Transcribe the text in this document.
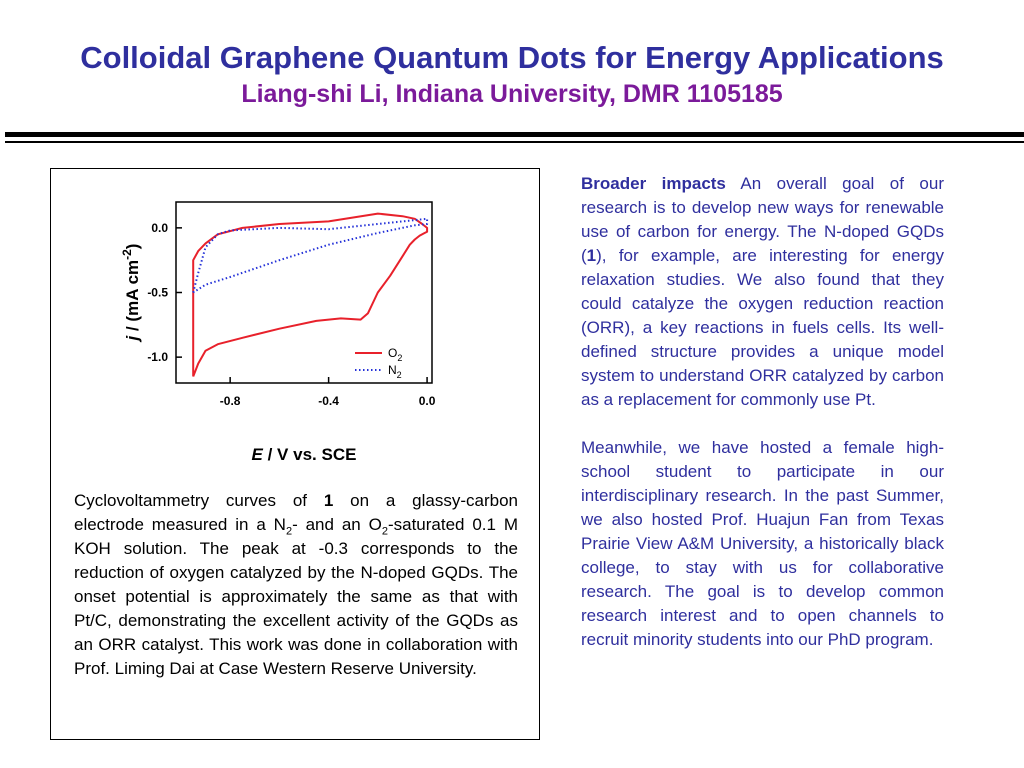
Colloidal Graphene Quantum Dots for Energy Applications
Liang-shi Li, Indiana University, DMR 1105185
-0.8	-0.4	0.0
0.0
-0.5
-1.0	$O_2$
$N_2$
E / V vs. SCE
j / (mA $cm^{-2}$)
Cyclovoltammetry curves of 1 on a glassy-carbon electrode measured in a $N_2-$ and an $O_2$-saturated 0.1 M KOH solution. The peak at -0.3 corresponds to the reduction of oxygen catalyzed by the N-doped GQDs. The onset potential is approximately the same as that with Pt/C, demonstrating the excellent activity of the GQDs as an ORR catalyst. This work was done in collaboration with Prof. Liming Dai at Case Western Reserve University.

Broader impacts An overall goal of our research is to develop new ways for renewable use of carbon for energy. The N-doped GQDs (1), for example, are interesting for energy relaxation studies. We also found that they could catalyze the oxygen reduction reaction (ORR), a key reactions in fuels cells. Its well-defined structure provides a unique model system to understand ORR catalyzed by carbon as a replacement for commonly use Pt.

Meanwhile, we have hosted a female high-school student to participate in our interdisciplinary research. In the past Summer, we also hosted Prof. Huajun Fan from Texas Prairie View A&M University, a historically black college, to stay with us for collaborative research. The goal is to develop common research interest and to open channels to recruit minority students into our PhD program.
